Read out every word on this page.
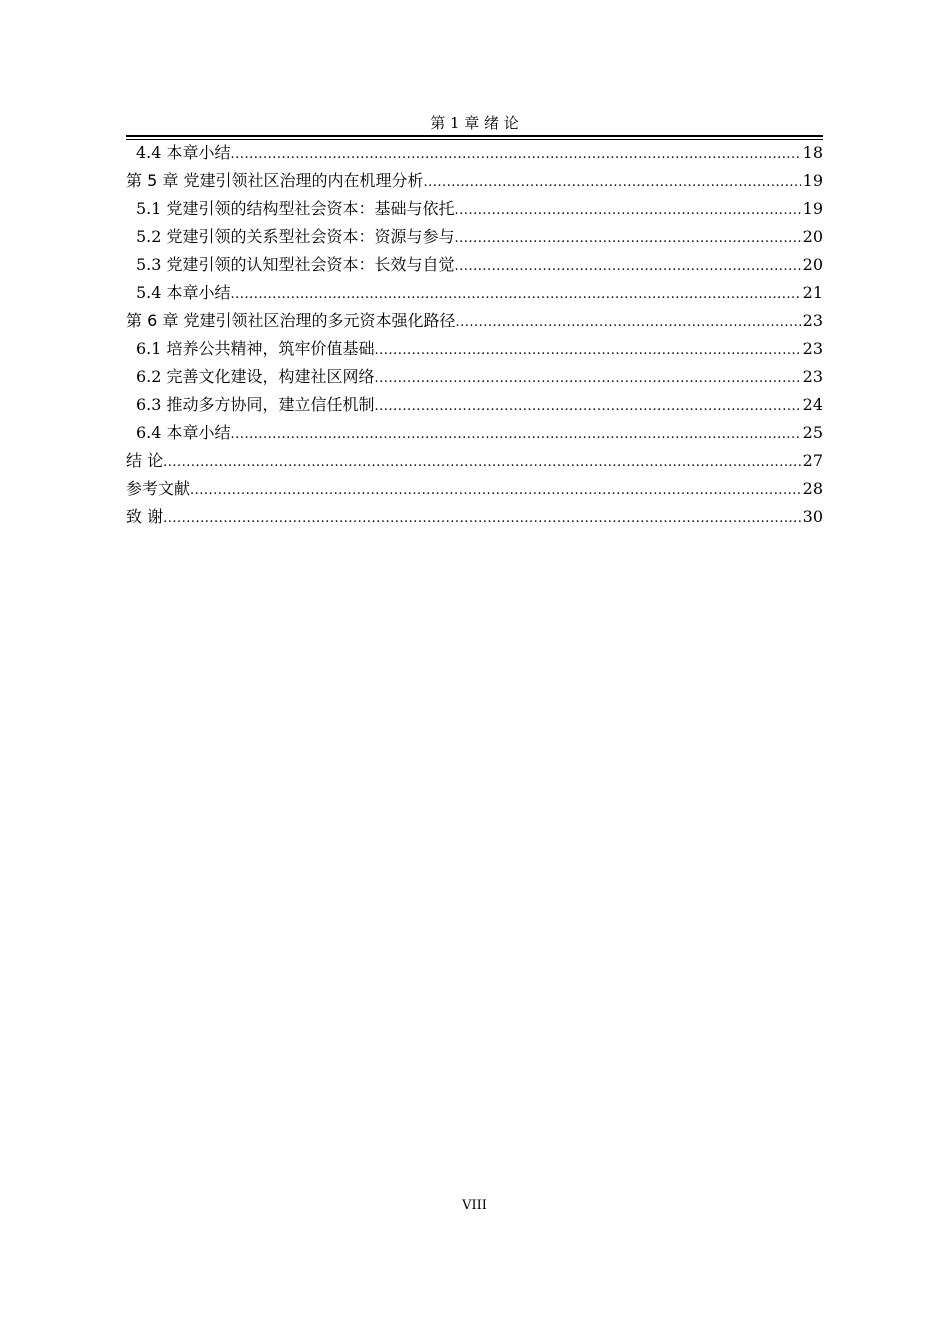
第 1 章 绪 论
4.4 本章小结 .....	18
第 5 章 党建引领社区治理的内在机理分析 .....	19
5.1 党建引领的结构型社会资本：基础与依托 .....	19
5.2 党建引领的关系型社会资本：资源与参与 .....	20
5.3 党建引领的认知型社会资本：长效与自觉 .....	20
5.4 本章小结 .....	21
第 6 章 党建引领社区治理的多元资本强化路径 .....	23
6.1 培养公共精神，筑牢价值基础 .....	23
6.2 完善文化建设，构建社区网络 .....	23
6.3 推动多方协同，建立信任机制 .....	24
6.4 本章小结 .....	25
结 论 .....	27
参考文献 .....	28
致 谢 .....	30
VIII
